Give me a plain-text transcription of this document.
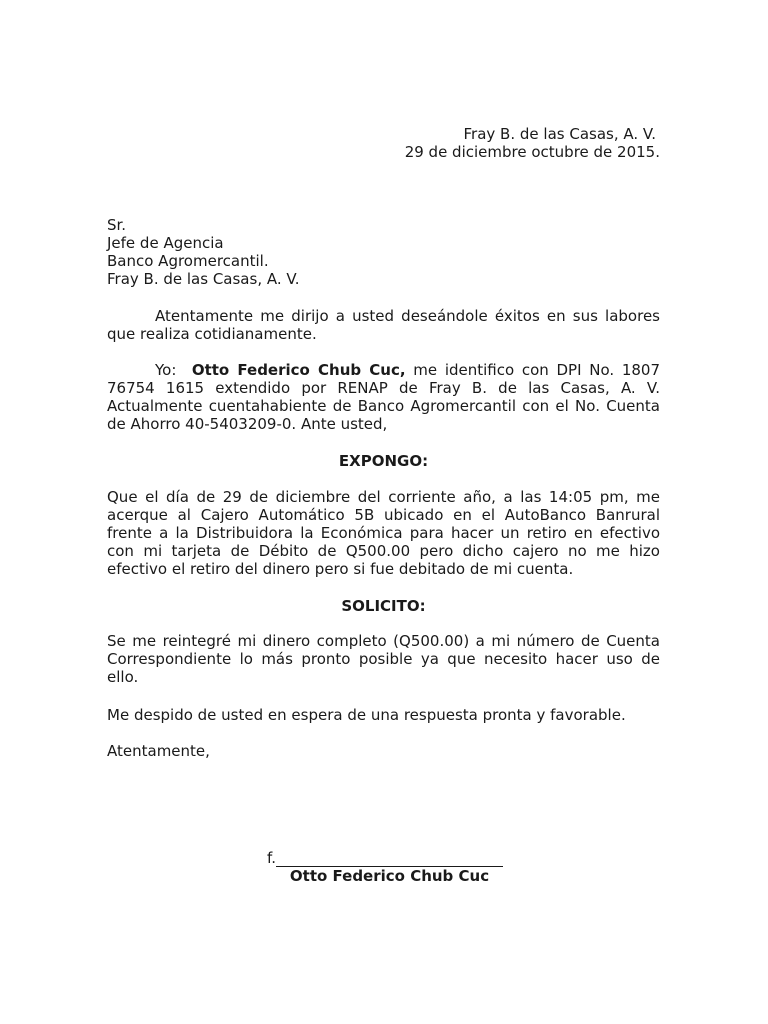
Fray B. de las Casas, A. V.
29 de diciembre octubre de 2015.
Sr.
Jefe de Agencia
Banco Agromercantil.
Fray B. de las Casas, A. V.
Atentamente me dirijo a usted deseándole éxitos en sus labores
que realiza cotidianamente.
Yo:  Otto Federico Chub Cuc, me identifico con DPI No. 1807
76754 1615 extendido por RENAP de Fray B. de las Casas, A. V.
Actualmente cuentahabiente de Banco Agromercantil con el No. Cuenta
de Ahorro 40-5403209-0. Ante usted,
EXPONGO:
Que el día de 29 de diciembre del corriente año, a las 14:05 pm, me
acerque al Cajero Automático 5B ubicado en el AutoBanco Banrural
frente a la Distribuidora la Económica para hacer un retiro en efectivo
con mi tarjeta de Débito de Q500.00 pero dicho cajero no me hizo
efectivo el retiro del dinero pero si fue debitado de mi cuenta.
SOLICITO:
Se me reintegré mi dinero completo (Q500.00) a mi número de Cuenta
Correspondiente lo más pronto posible ya que necesito hacer uso de
ello.
Me despido de usted en espera de una respuesta pronta y favorable.
Atentamente,
f.
Otto Federico Chub Cuc
